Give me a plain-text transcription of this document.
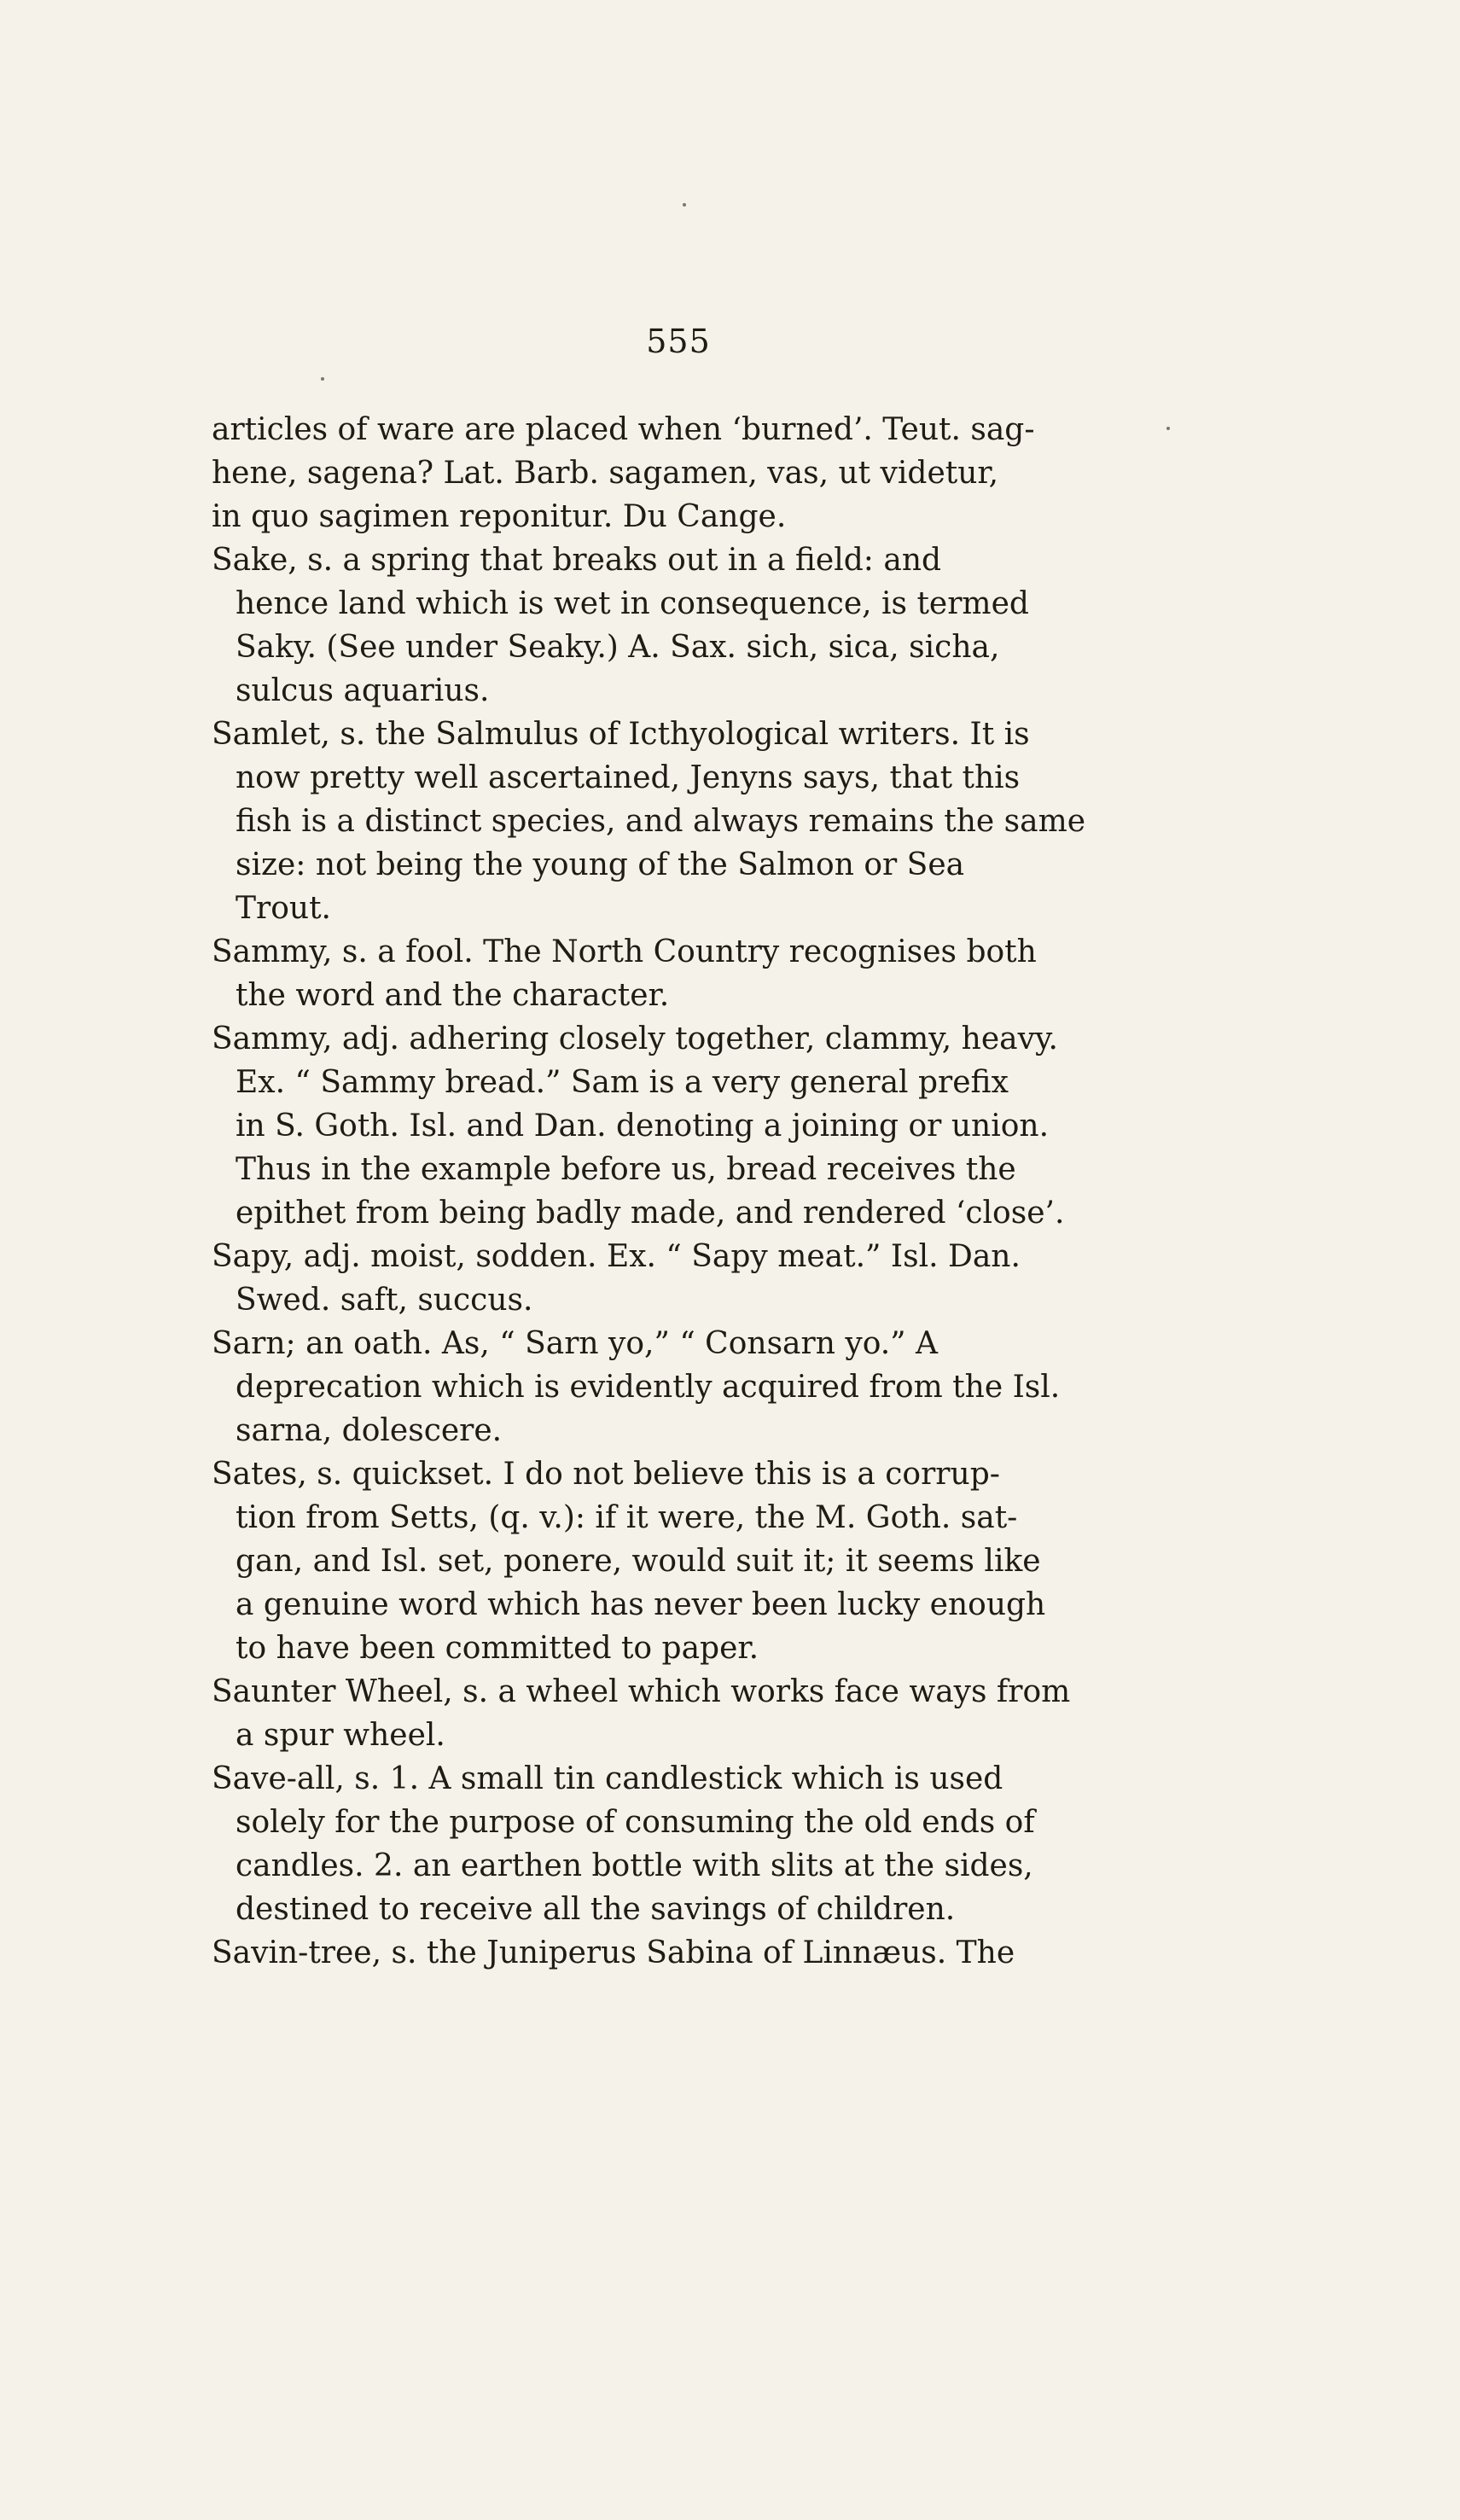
555
articles of ware are placed when ‘burned’. Teut. sag-
hene, sagena? Lat. Barb. sagamen, vas, ut videtur,
in quo sagimen reponitur. Du Cange.
Sake, s. a spring that breaks out in a field: and
hence land which is wet in consequence, is termed
Saky. (See under Seaky.) A. Sax. sich, sica, sicha,
sulcus aquarius.
Samlet, s. the Salmulus of Icthyological writers. It is
now pretty well ascertained, Jenyns says, that this
fish is a distinct species, and always remains the same
size: not being the young of the Salmon or Sea
Trout.
Sammy, s. a fool. The North Country recognises both
the word and the character.
Sammy, adj. adhering closely together, clammy, heavy.
Ex. “ Sammy bread.” Sam is a very general prefix
in S. Goth. Isl. and Dan. denoting a joining or union.
Thus in the example before us, bread receives the
epithet from being badly made, and rendered ‘close’.
Sapy, adj. moist, sodden. Ex. “ Sapy meat.” Isl. Dan.
Swed. saft, succus.
Sarn; an oath. As, “ Sarn yo,” “ Consarn yo.” A
deprecation which is evidently acquired from the Isl.
sarna, dolescere.
Sates, s. quickset. I do not believe this is a corrup-
tion from Setts, (q. v.): if it were, the M. Goth. sat-
gan, and Isl. set, ponere, would suit it; it seems like
a genuine word which has never been lucky enough
to have been committed to paper.
Saunter Wheel, s. a wheel which works face ways from
a spur wheel.
Save-all, s. 1. A small tin candlestick which is used
solely for the purpose of consuming the old ends of
candles. 2. an earthen bottle with slits at the sides,
destined to receive all the savings of children.
Savin-tree, s. the Juniperus Sabina of Linnæus. The
